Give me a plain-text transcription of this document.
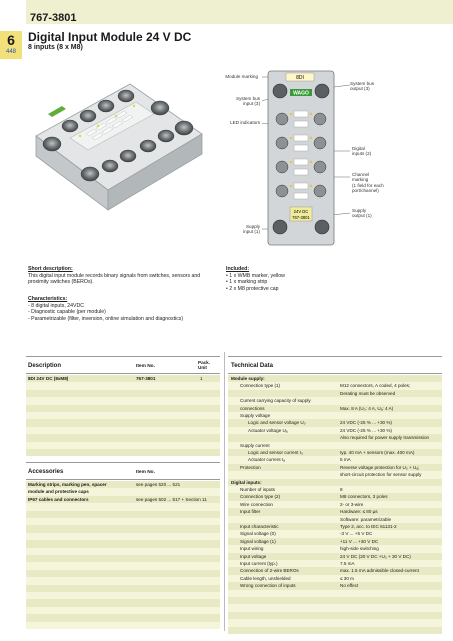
767-3801
6
448
Digital Input Module 24 V DC
8 inputs (8 x M8)
Module marking
System bus
input (3)
LED indicators
System bus
output (3)
Digital
inputs (2)
Channel
marking
(1 field for each
port/channel)
Supply
output (1)
Supply
input (1)
8DI
WAGO
24V DC
767-3801
Short description:
This digital input module records binary signals from switches, sensors and
proximity switches (BEROs).
Characteristics:
- 8 digital inputs, 24VDC
- Diagnostic capable (per module)
- Parametrizable (filter, inversion, online simulation and diagnostics)
Included:
• 1 x WMB marker, yellow
• 1 x marking strip
• 2 x M8 protective cap
Description	Item No.
Pack.
Unit
8DI 24V DC (8xM8)	767-3801	1
Accessories	Item No.
Marking strips, marking pen, spacer	see pages 520 ... 521
module and protective caps
IP67 cables and connectors	see pages 502 ... 517 + Section 11
Technical Data
Module supply:
Connection type (1)	M12 connectors, A coded, 4 poles;
Derating must be observed
Current carrying capacity of supply
connections	Max. 8 A (U₀: 4 A, Uₐ: 4 A)
Supply voltage
Logic and sensor voltage U₀	24 VDC (-25 % ... +30 %)
Actuator voltage Uₐ	24 VDC (-25 % ... +30 %)
Also required for power supply transmission
Supply current
Logic and sensor current I₀	typ. 40 mA + sensors (max. 400 mA)
Actuator current Iₐ	5 mA
Protection	Reverse voltage protection for U₀ + Uₐ;
short-circuit protection for sensor supply
Digital inputs:
Number of inputs	8
Connection type (2)	M8 connectors, 3 poles
Wire connection	2- or 3-wire
Input filter	Hardware: ≤ 80 µs
Software: parametrizable
Input characteristic	Type 2, acc. to IEC 61131-2
Signal voltage (0)	-3 V ... +5 V DC
Signal voltage (1)	+11 V ... +30 V DC
Input wiring	high-side switching
Input voltage	24 V DC (30 V DC +U₀ + 30 V DC)
Input current (typ.)	7.5 mA
Connection of 2-wire BEROs	max. 1.5 mA admissible closed-current
Cable length, unshielded	≤ 30 m
Wrong connection of inputs	No effect
